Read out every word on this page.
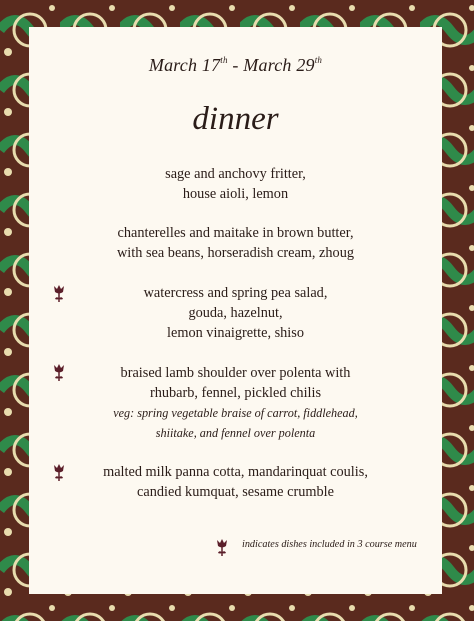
March 17th - March 29th
dinner
sage and anchovy fritter,
house aioli, lemon
chanterelles and maitake in brown butter,
with sea beans, horseradish cream, zhoug
watercress and spring pea salad,
gouda, hazelnut,
lemon vinaigrette, shiso
braised lamb shoulder over polenta with
rhubarb, fennel, pickled chilis
veg: spring vegetable braise of carrot, fiddlehead,
shiitake, and fennel over polenta
malted milk panna cotta, mandarinquat coulis,
candied kumquat, sesame crumble
indicates dishes included in 3 course menu
